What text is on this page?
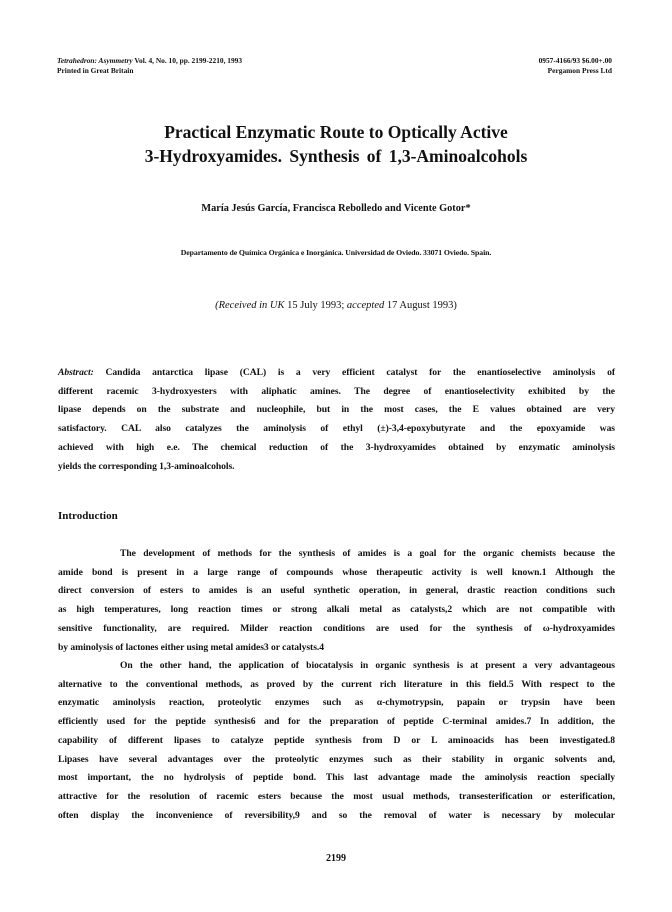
Tetrahedron: Asymmetry Vol. 4, No. 10, pp. 2199-2210, 1993
Printed in Great Britain
0957-4166/93 $6.00+.00
Pergamon Press Ltd
Practical Enzymatic Route to Optically Active
3-Hydroxyamides. Synthesis of 1,3-Aminoalcohols
María Jesús García, Francisca Rebolledo and Vicente Gotor*
Departamento de Química Orgánica e Inorgánica. Universidad de Oviedo. 33071 Oviedo. Spain.
(Received in UK 15 July 1993; accepted 17 August 1993)
Abstract: Candida antarctica lipase (CAL) is a very efficient catalyst for the enantioselective aminolysis of
different racemic 3-hydroxyesters with aliphatic amines. The degree of enantioselectivity exhibited by the
lipase depends on the substrate and nucleophile, but in the most cases, the E values obtained are very
satisfactory. CAL also catalyzes the aminolysis of ethyl (±)-3,4-epoxybutyrate and the epoxyamide was
achieved with high e.e. The chemical reduction of the 3-hydroxyamides obtained by enzymatic aminolysis
yields the corresponding 1,3-aminoalcohols.
Introduction
The development of methods for the synthesis of amides is a goal for the organic chemists because the
amide bond is present in a large range of compounds whose therapeutic activity is well known.1 Although the
direct conversion of esters to amides is an useful synthetic operation, in general, drastic reaction conditions such
as high temperatures, long reaction times or strong alkali metal as catalysts,2 which are not compatible with
sensitive functionality, are required. Milder reaction conditions are used for the synthesis of ω-hydroxyamides
by aminolysis of lactones either using metal amides3 or catalysts.4
On the other hand, the application of biocatalysis in organic synthesis is at present a very advantageous
alternative to the conventional methods, as proved by the current rich literature in this field.5 With respect to the
enzymatic aminolysis reaction, proteolytic enzymes such as α-chymotrypsin, papain or trypsin have been
efficiently used for the peptide synthesis6 and for the preparation of peptide C-terminal amides.7 In addition, the
capability of different lipases to catalyze peptide synthesis from D or L aminoacids has been investigated.8
Lipases have several advantages over the proteolytic enzymes such as their stability in organic solvents and,
most important, the no hydrolysis of peptide bond. This last advantage made the aminolysis reaction specially
attractive for the resolution of racemic esters because the most usual methods, transesterification or esterification,
often display the inconvenience of reversibility,9 and so the removal of water is necessary by molecular
2199
